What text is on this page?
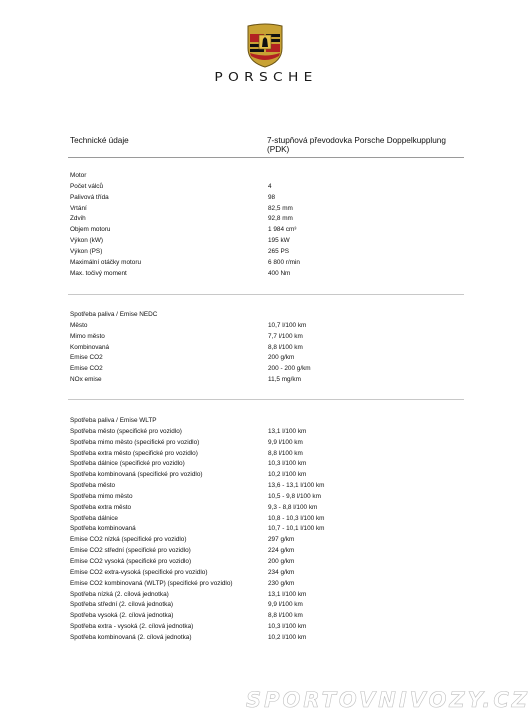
PORSCHE
Technické údaje	7-stupňová převodovka Porsche Doppelkupplung (PDK)
Motor
Počet válců	4
Palivová třída	98
Vrtání	82,5 mm
Zdvih	92,8 mm
Objem motoru	1 984 cm³
Výkon (kW)	195 kW
Výkon (PS)	265 PS
Maximální otáčky motoru	6 800 r/min
Max. točivý moment	400 Nm
Spotřeba paliva / Emise NEDC
Město	10,7 l/100 km
Mimo město	7,7 l/100 km
Kombinovaná	8,8 l/100 km
Emise CO2	200 g/km
Emise CO2	200 - 200 g/km
NOx emise	11,5 mg/km
Spotřeba paliva / Emise WLTP
Spotřeba město (specifické pro vozidlo)	13,1 l/100 km
Spotřeba mimo město (specifické pro vozidlo)	9,9 l/100 km
Spotřeba extra město (specifické pro vozidlo)	8,8 l/100 km
Spotřeba dálnice (specifické pro vozidlo)	10,3 l/100 km
Spotřeba kombinovaná (specifické pro vozidlo)	10,2 l/100 km
Spotřeba město	13,6 - 13,1 l/100 km
Spotřeba mimo město	10,5 - 9,8 l/100 km
Spotřeba extra město	9,3 - 8,8 l/100 km
Spotřeba dálnice	10,8 - 10,3 l/100 km
Spotřeba kombinovaná	10,7 - 10,1 l/100 km
Emise CO2 nízká (specifické pro vozidlo)	297 g/km
Emise CO2 střední (specifické pro vozidlo)	224 g/km
Emise CO2 vysoká (specifické pro vozidlo)	200 g/km
Emise CO2 extra-vysoká (specifické pro vozidlo)	234 g/km
Emise CO2 kombinovaná (WLTP) (specifické pro vozidlo)	230 g/km
Spotřeba nízká (2. cílová jednotka)	13,1 l/100 km
Spotřeba střední (2. cílová jednotka)	9,9 l/100 km
Spotřeba vysoká (2. cílová jednotka)	8,8 l/100 km
Spotřeba extra - vysoká (2. cílová jednotka)	10,3 l/100 km
Spotřeba kombinovaná (2. cílová jednotka)	10,2 l/100 km
SPORTOVNIVOZY.CZ
